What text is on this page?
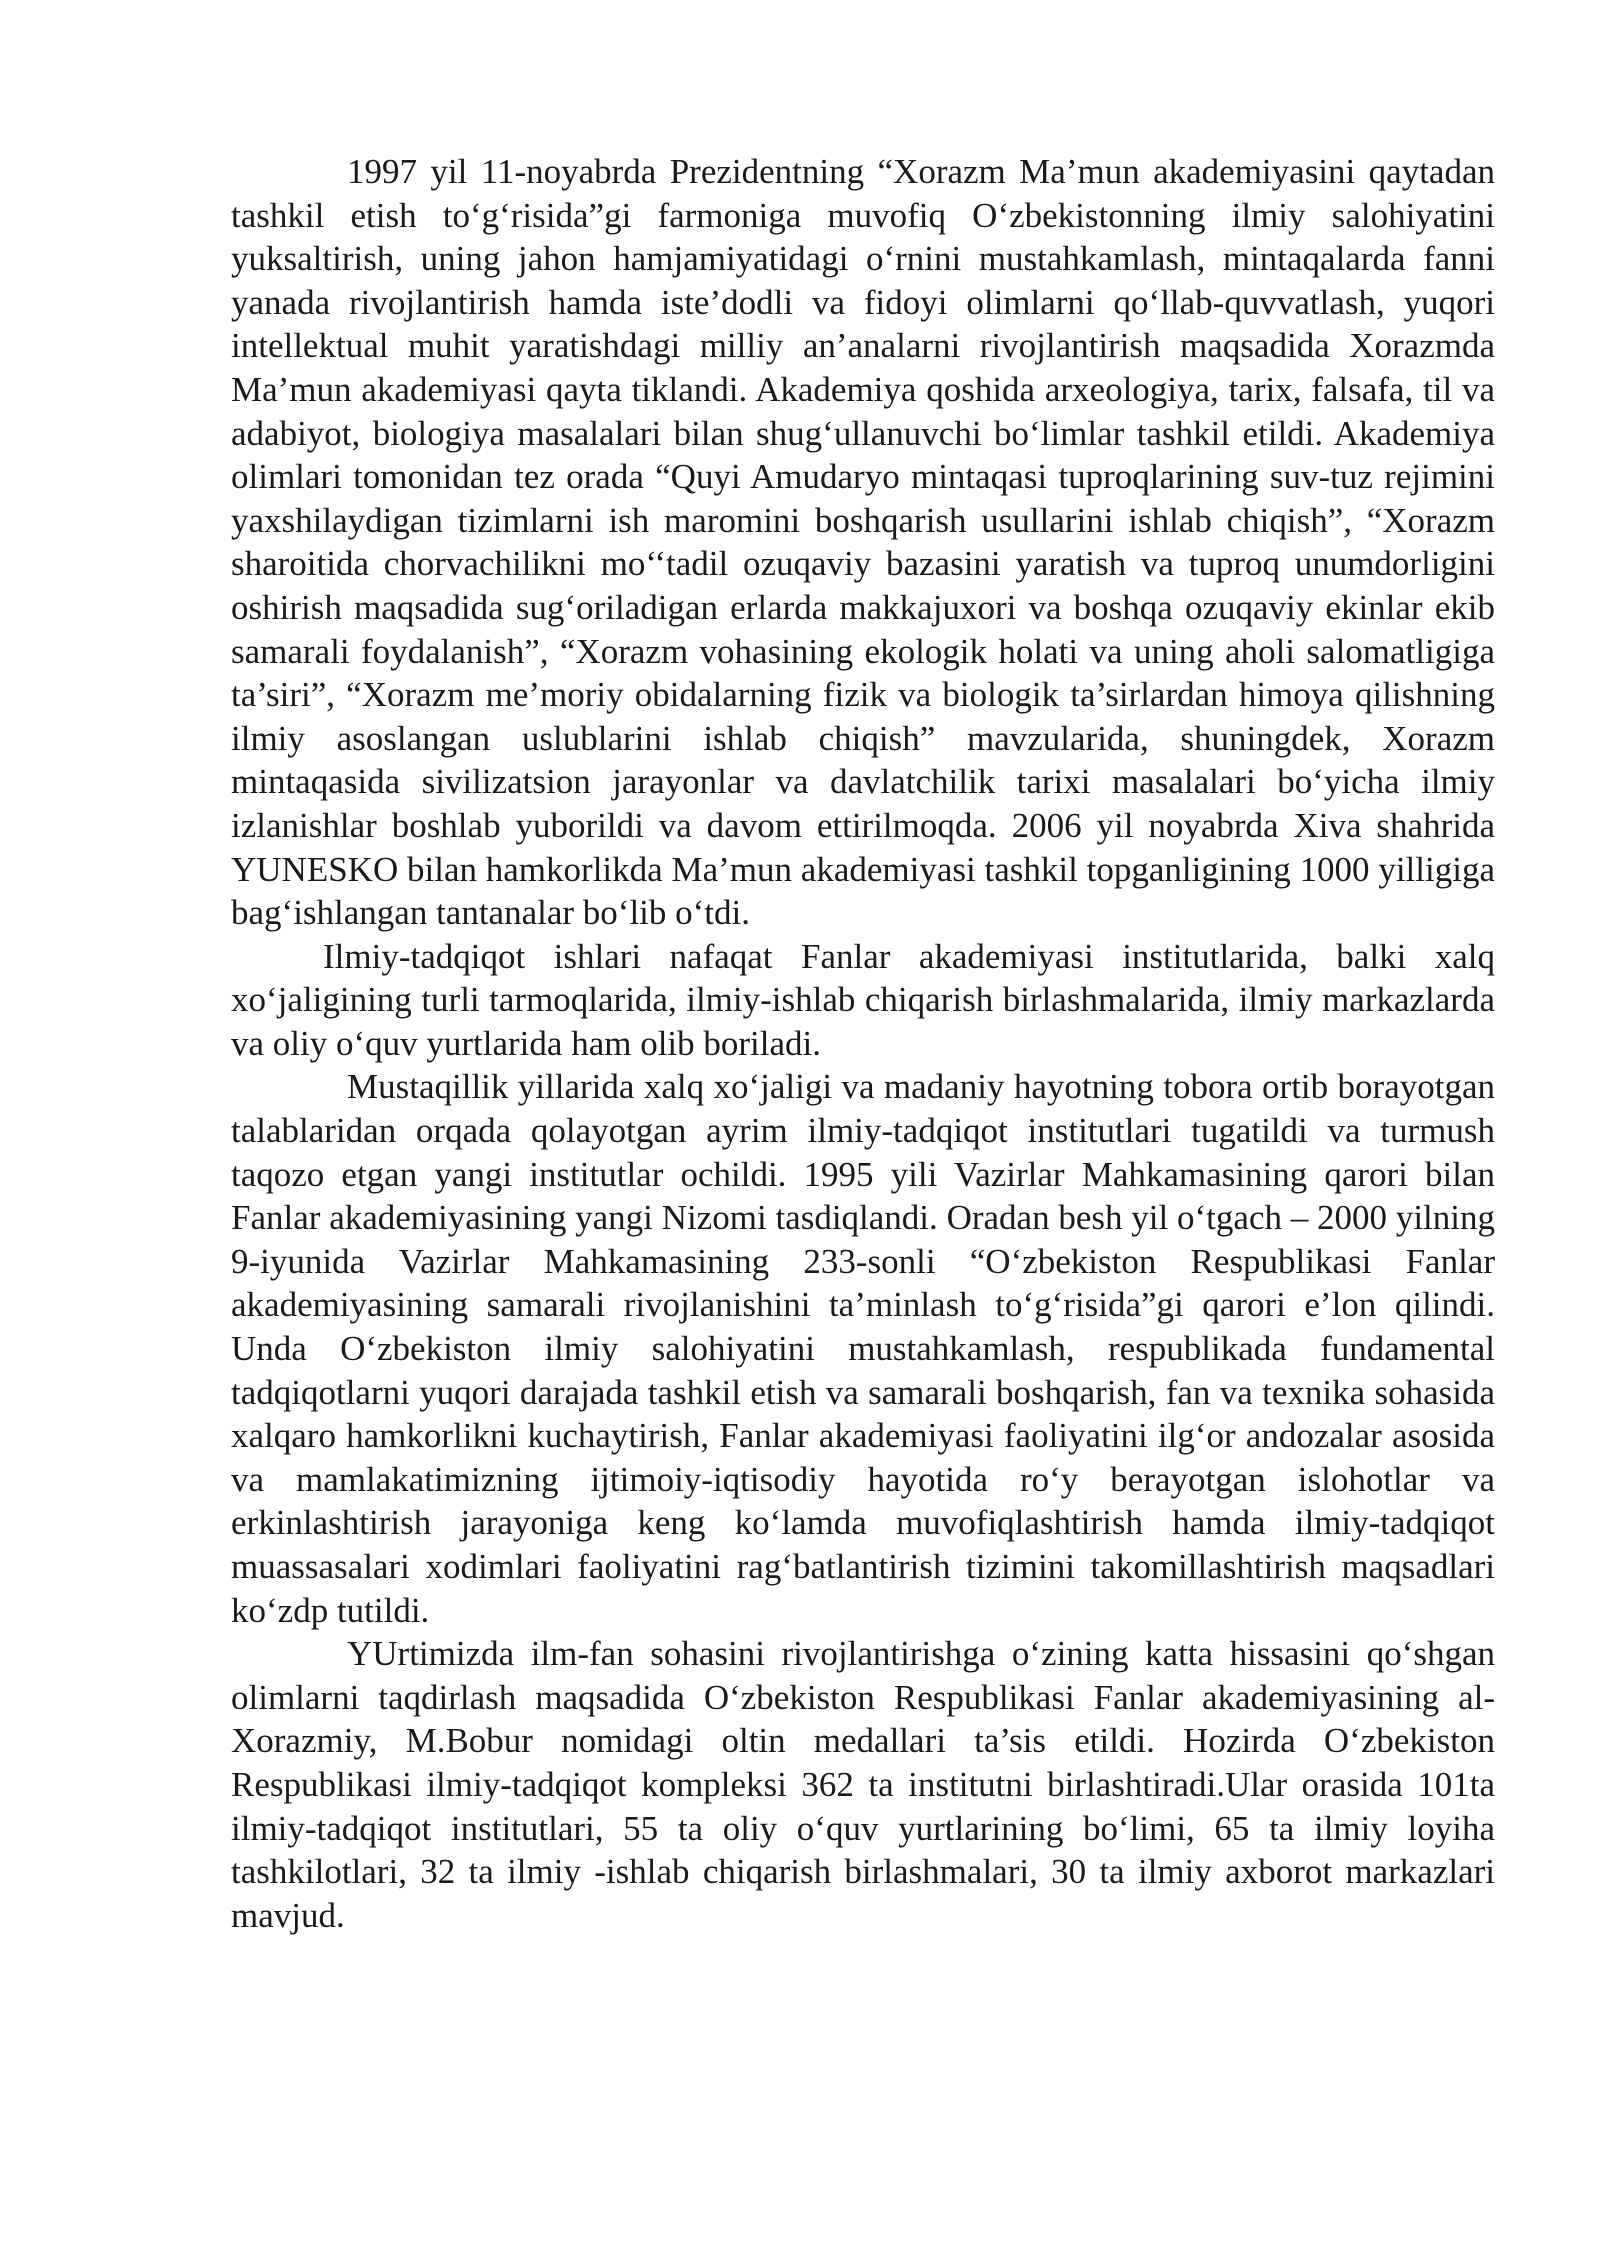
1997 yil 11-noyabrda Prezidentning “Xorazm Ma’mun akademiyasini qaytadan tashkil etish to‘g‘risida”gi farmoniga muvofiq O‘zbekistonning ilmiy salohiyatini yuksaltirish, uning jahon hamjamiyatidagi o‘rnini mustahkamlash, mintaqalarda fanni yanada rivojlantirish hamda iste’dodli va fidoyi olimlarni qo‘llab-quvvatlash, yuqori intellektual muhit yaratishdagi milliy an’analarni rivojlantirish maqsadida Xorazmda Ma’mun akademiyasi qayta tiklandi. Akademiya qoshida arxeologiya, tarix, falsafa, til va adabiyot, biologiya masalalari bilan shug‘ullanuvchi bo‘limlar tashkil etildi. Akademiya olimlari tomonidan tez orada “Quyi Amudaryo mintaqasi tuproqlarining suv-tuz rejimini yaxshilaydigan tizimlarni ish maromini boshqarish usullarini ishlab chiqish”, “Xorazm sharoitida chorvachilikni mo‘‘tadil ozuqaviy bazasini yaratish va tuproq unumdorligini oshirish maqsadida sug‘oriladigan erlarda makkajuxori va boshqa ozuqaviy ekinlar ekib samarali foydalanish”, “Xorazm vohasining ekologik holati va uning aholi salomatligiga ta’siri”, “Xorazm me’moriy obidalarning fizik va biologik ta’sirlardan himoya qilishning ilmiy asoslangan uslublarini ishlab chiqish” mavzularida, shuningdek, Xorazm mintaqasida sivilizatsion jarayonlar va davlatchilik tarixi masalalari bo‘yicha ilmiy izlanishlar boshlab yuborildi va davom ettirilmoqda. 2006 yil noyabrda Xiva shahrida YUNESKO bilan hamkorlikda Ma’mun akademiyasi tashkil topganligining 1000 yilligiga bag‘ishlangan tantanalar bo‘lib o‘tdi.

Ilmiy-tadqiqot ishlari nafaqat Fanlar akademiyasi institutlarida, balki xalq xo‘jaligining turli tarmoqlarida, ilmiy-ishlab chiqarish birlashmalarida, ilmiy markazlarda va oliy o‘quv yurtlarida ham olib boriladi.

Mustaqillik yillarida xalq xo‘jaligi va madaniy hayotning tobora ortib borayotgan talablaridan orqada qolayotgan ayrim ilmiy-tadqiqot institutlari tugatildi va turmush taqozo etgan yangi institutlar ochildi. 1995 yili Vazirlar Mahkamasining qarori bilan Fanlar akademiyasining yangi Nizomi tasdiqlandi. Oradan besh yil o‘tgach – 2000 yilning 9-iyunida Vazirlar Mahkamasining 233-sonli “O‘zbekiston Respublikasi Fanlar akademiyasining samarali rivojlanishini ta’minlash to‘g‘risida”gi qarori e’lon qilindi. Unda O‘zbekiston ilmiy salohiyatini mustahkamlash, respublikada fundamental tadqiqotlarni yuqori darajada tashkil etish va samarali boshqarish, fan va texnika sohasida xalqaro hamkorlikni kuchaytirish, Fanlar akademiyasi faoliyatini ilg‘or andozalar asosida va mamlakatimizning ijtimoiy-iqtisodiy hayotida ro‘y berayotgan islohotlar va erkinlashtirish jarayoniga keng ko‘lamda muvofiqlashtirish hamda ilmiy-tadqiqot muassasalari xodimlari faoliyatini rag‘batlantirish tizimini takomillashtirish maqsadlari ko‘zdp tutildi.

YUrtimizda ilm-fan sohasini rivojlantirishga o‘zining katta hissasini qo‘shgan olimlarni taqdirlash maqsadida O‘zbekiston Respublikasi Fanlar akademiyasining al-Xorazmiy, M.Bobur nomidagi oltin medallari ta’sis etildi. Hozirda O‘zbekiston Respublikasi ilmiy-tadqiqot kompleksi 362 ta institutni birlashtiradi.Ular orasida 101ta ilmiy-tadqiqot institutlari, 55 ta oliy o‘quv yurtlarining bo‘limi, 65 ta ilmiy loyiha tashkilotlari, 32 ta ilmiy -ishlab chiqarish birlashmalari, 30 ta ilmiy axborot markazlari mavjud.
